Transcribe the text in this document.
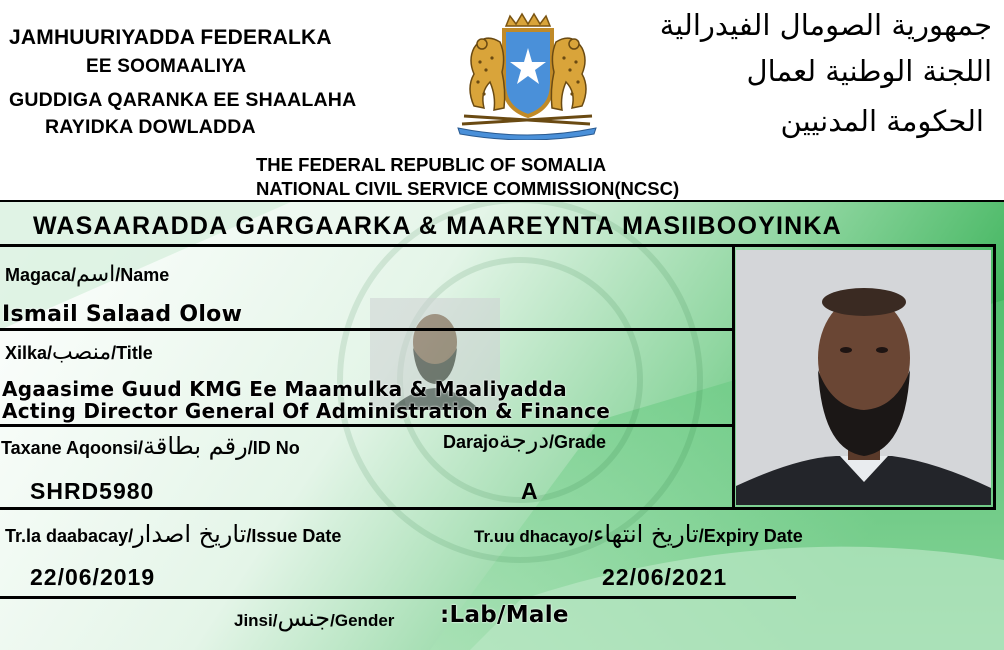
JAMHUURIYADDA FEDERALKA
EE SOOMAALIYA
GUDDIGA QARANKA EE SHAALAHA
RAYIDKA DOWLADDA
جمهورية الصومال الفيدرالية
اللجنة الوطنية لعمال
الحكومة المدنيين
THE FEDERAL REPUBLIC OF SOMALIA
NATIONAL CIVIL SERVICE COMMISSION(NCSC)
WASAARADDA GARGAARKA & MAAREYNTA MASIIBOOYINKA
Magaca/اسم/Name
Ismail Salaad Olow
Xilka/منصب/Title
Agaasime Guud KMG Ee Maamulka & Maaliyadda
Acting Director General Of Administration & Finance
Taxane Aqoonsi/رقم بطاقة/ID No	Darajoدرجة/Grade
SHRD5980	A
Tr.la daabacay/تاريخ اصدار/Issue Date	Tr.uu dhacayo/تاريخ انتهاء/Expiry Date
22/06/2019	22/06/2021
Jinsi/جنس/Gender :Lab/Male
